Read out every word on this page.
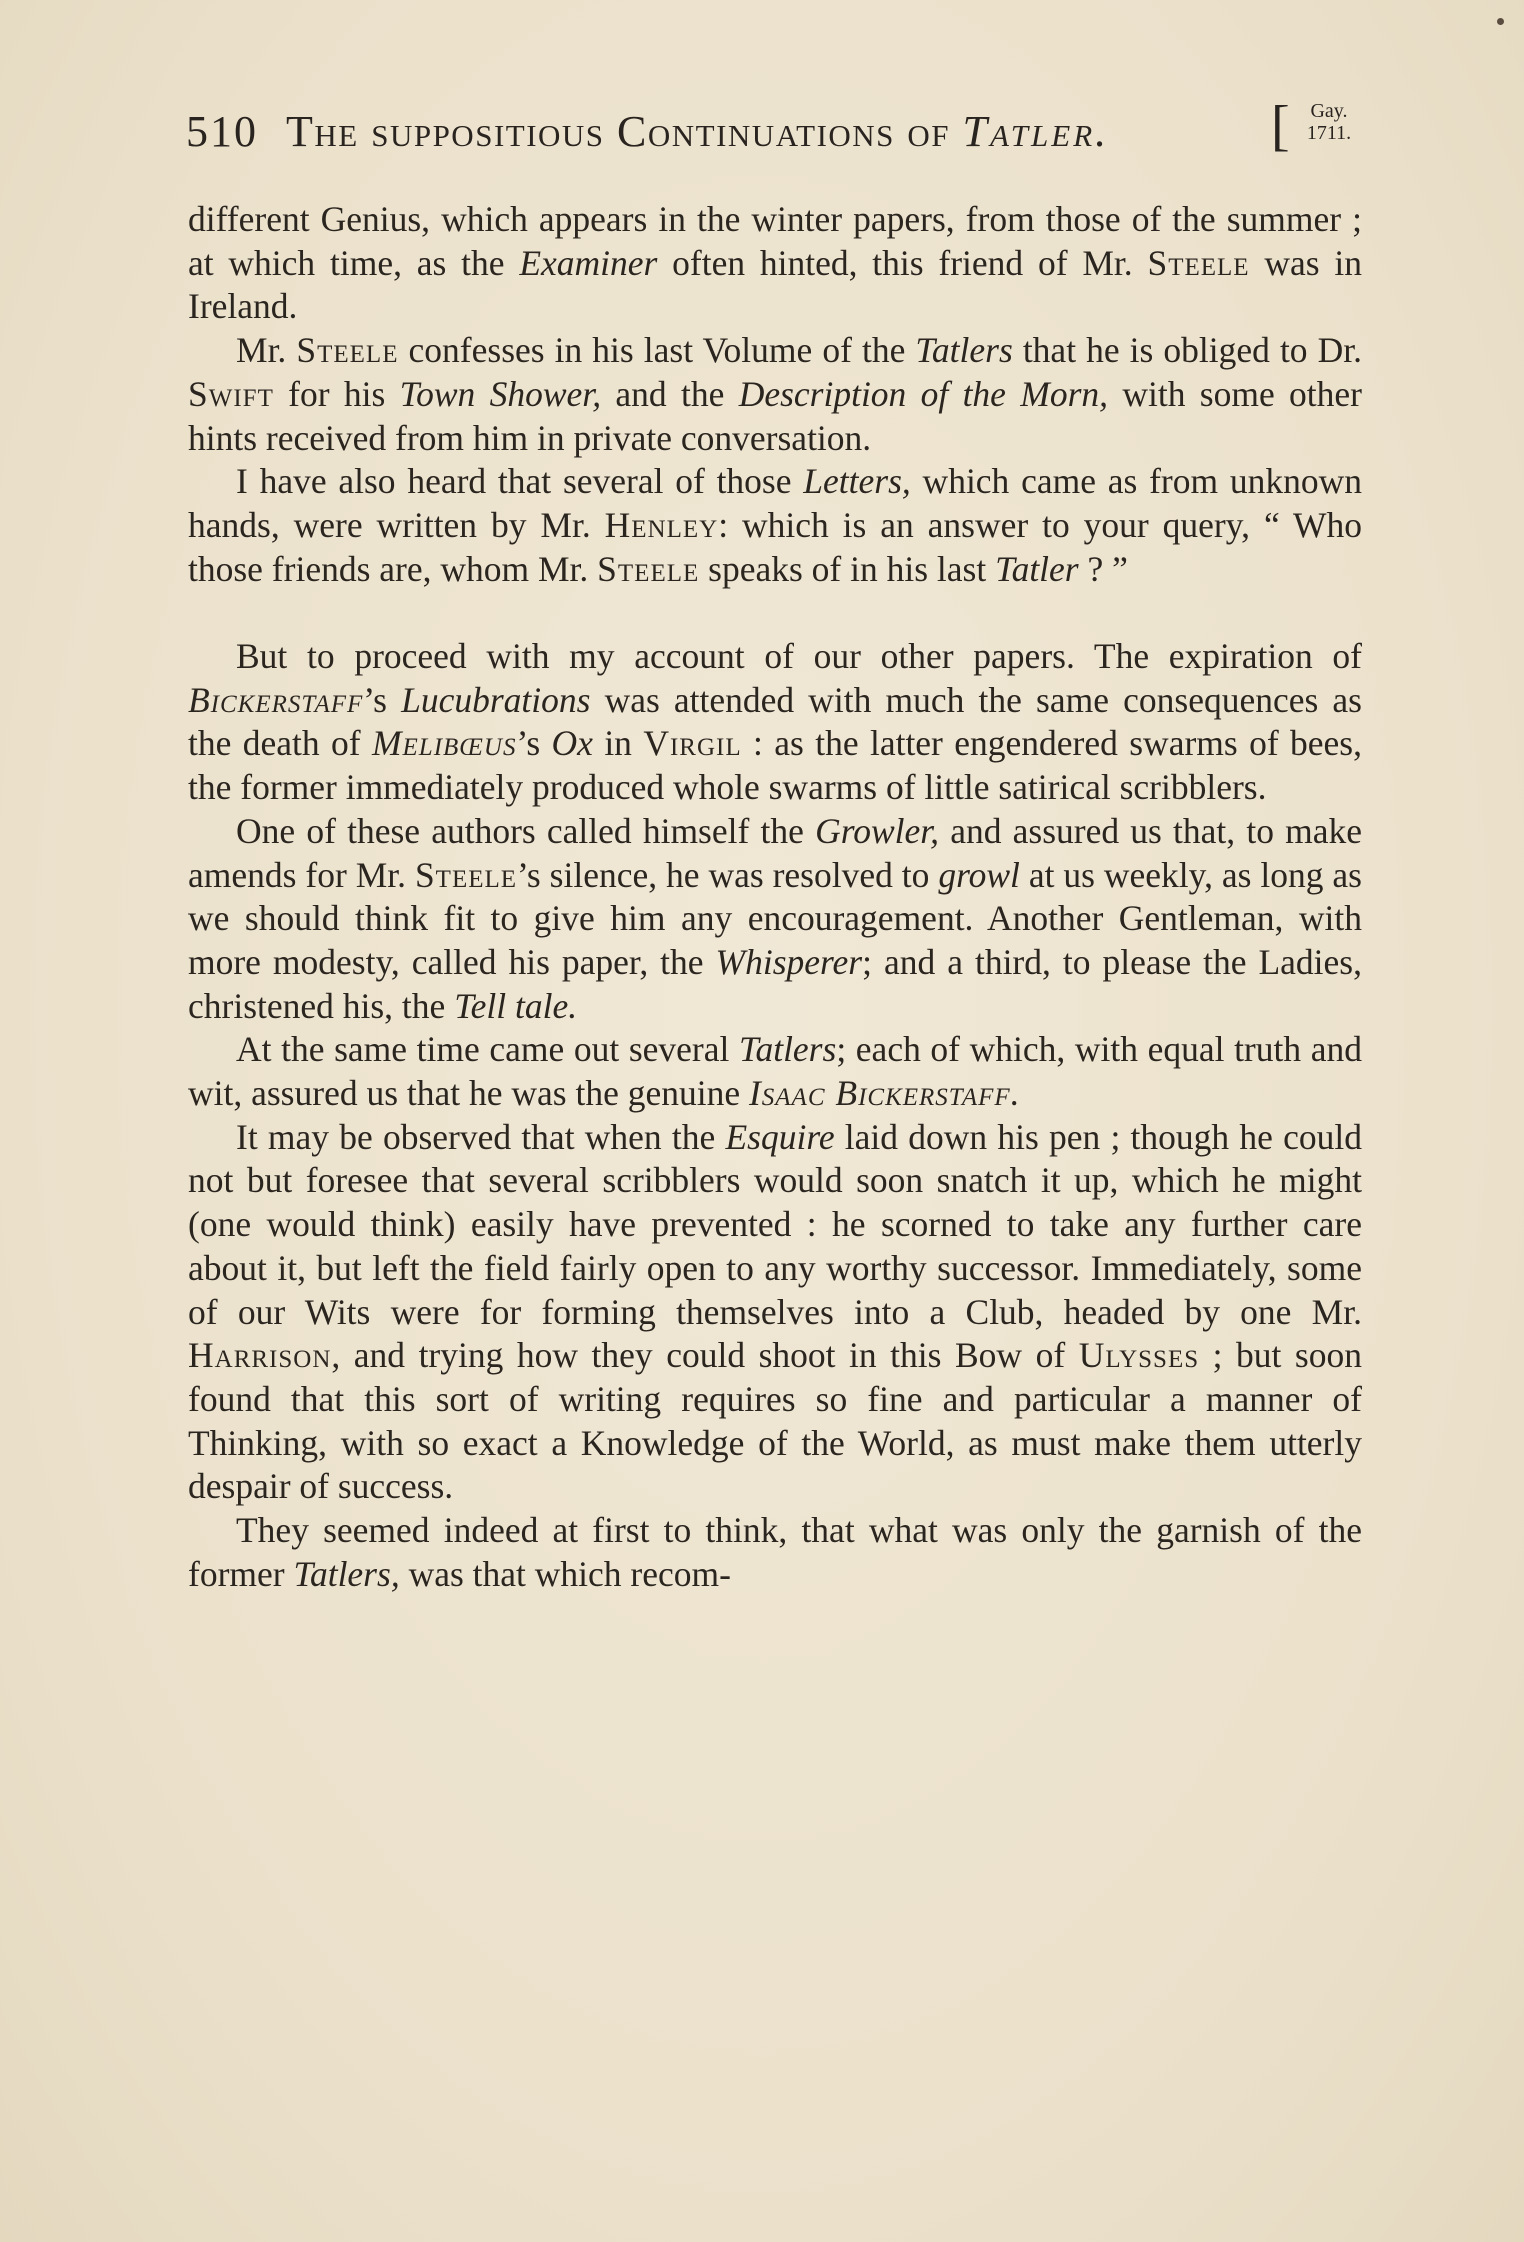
510 The suppositious Continuations of Tatler.	[	Gay.
1711.

different Genius, which appears in the winter papers, from those of the summer ; at which time, as the Examiner often hinted, this friend of Mr. Steele was in Ireland.

Mr. Steele confesses in his last Volume of the Tatlers that he is obliged to Dr. Swift for his Town Shower, and the Description of the Morn, with some other hints received from him in private conversation.

I have also heard that several of those Letters, which came as from unknown hands, were written by Mr. Henley: which is an answer to your query, “ Who those friends are, whom Mr. Steele speaks of in his last Tatler ? ”

But to proceed with my account of our other papers. The expiration of Bickerstaff’s Lucubrations was attended with much the same consequences as the death of Melibœus’s Ox in Virgil : as the latter engendered swarms of bees, the former immediately produced whole swarms of little satirical scribblers.

One of these authors called himself the Growler, and assured us that, to make amends for Mr. Steele’s silence, he was resolved to growl at us weekly, as long as we should think fit to give him any encouragement. Another Gentleman, with more modesty, called his paper, the Whisperer; and a third, to please the Ladies, christened his, the Tell tale.

At the same time came out several Tatlers; each of which, with equal truth and wit, assured us that he was the genuine Isaac Bickerstaff.

It may be observed that when the Esquire laid down his pen ; though he could not but foresee that several scribblers would soon snatch it up, which he might (one would think) easily have prevented : he scorned to take any further care about it, but left the field fairly open to any worthy successor. Immediately, some of our Wits were for forming themselves into a Club, headed by one Mr. Harrison, and trying how they could shoot in this Bow of Ulysses ; but soon found that this sort of writing requires so fine and particular a manner of Thinking, with so exact a Knowledge of the World, as must make them utterly despair of success.

They seemed indeed at first to think, that what was only the garnish of the former Tatlers, was that which recom-
